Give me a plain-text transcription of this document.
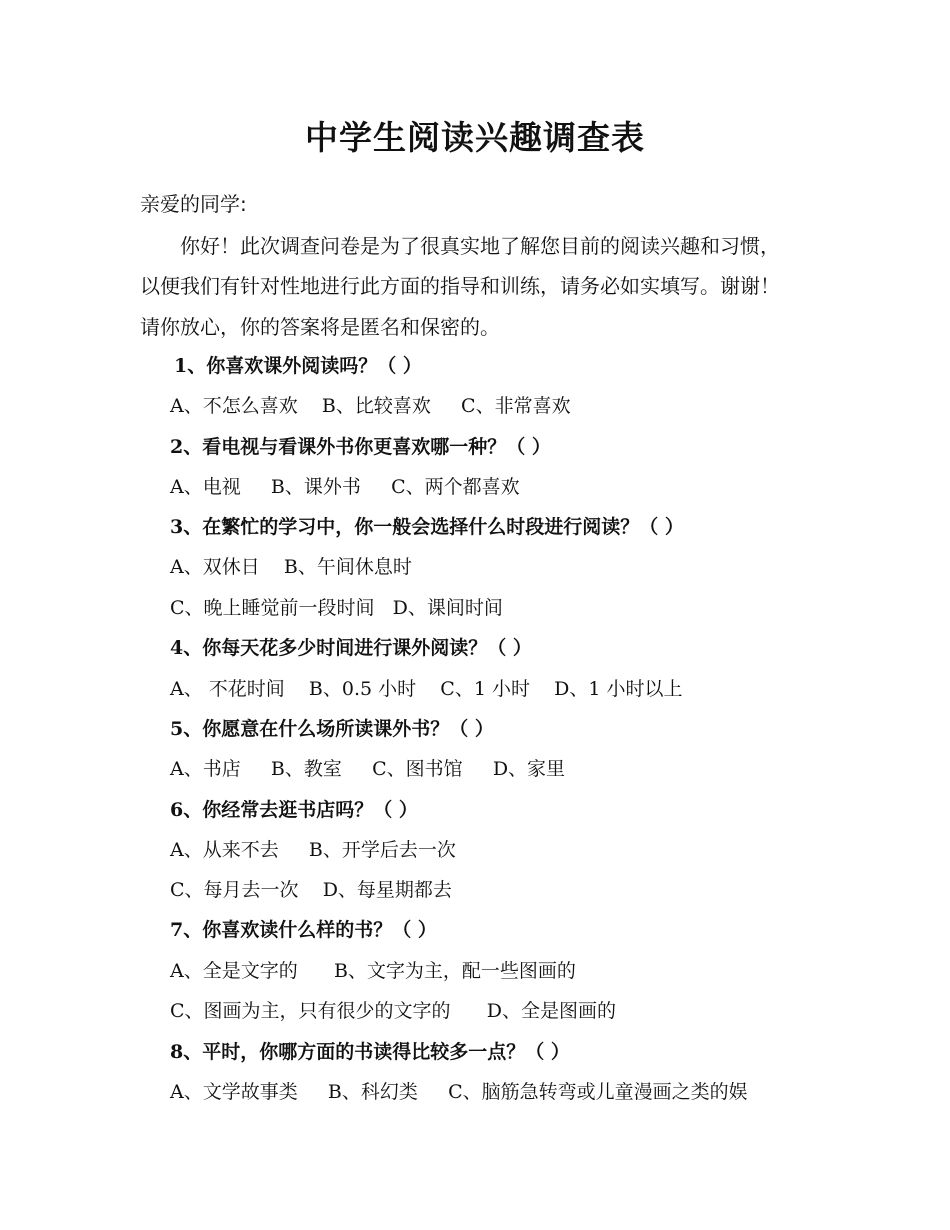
中学生阅读兴趣调查表
亲爱的同学:
你好！此次调查问卷是为了很真实地了解您目前的阅读兴趣和习惯，
以便我们有针对性地进行此方面的指导和训练，请务必如实填写。谢谢！
请你放心，你的答案将是匿名和保密的。
1、你喜欢课外阅读吗？（ ）
A、不怎么喜欢    B、比较喜欢     C、非常喜欢
2、看电视与看课外书你更喜欢哪一种？（ ）
A、电视     B、课外书     C、两个都喜欢
3、在繁忙的学习中，你一般会选择什么时段进行阅读？（ ）
A、双休日    B、午间休息时
C、晚上睡觉前一段时间   D、课间时间
4、你每天花多少时间进行课外阅读？（ ）
A、 不花时间    B、0.5 小时    C、1 小时    D、1 小时以上
5、你愿意在什么场所读课外书？（ ）
A、书店     B、教室     C、图书馆     D、家里
6、你经常去逛书店吗？（ ）
A、从来不去     B、开学后去一次
C、每月去一次    D、每星期都去
7、你喜欢读什么样的书？（ ）
A、全是文字的      B、文字为主，配一些图画的
C、图画为主，只有很少的文字的      D、全是图画的
8、平时，你哪方面的书读得比较多一点？（ ）
A、文学故事类     B、科幻类     C、脑筋急转弯或儿童漫画之类的娱
